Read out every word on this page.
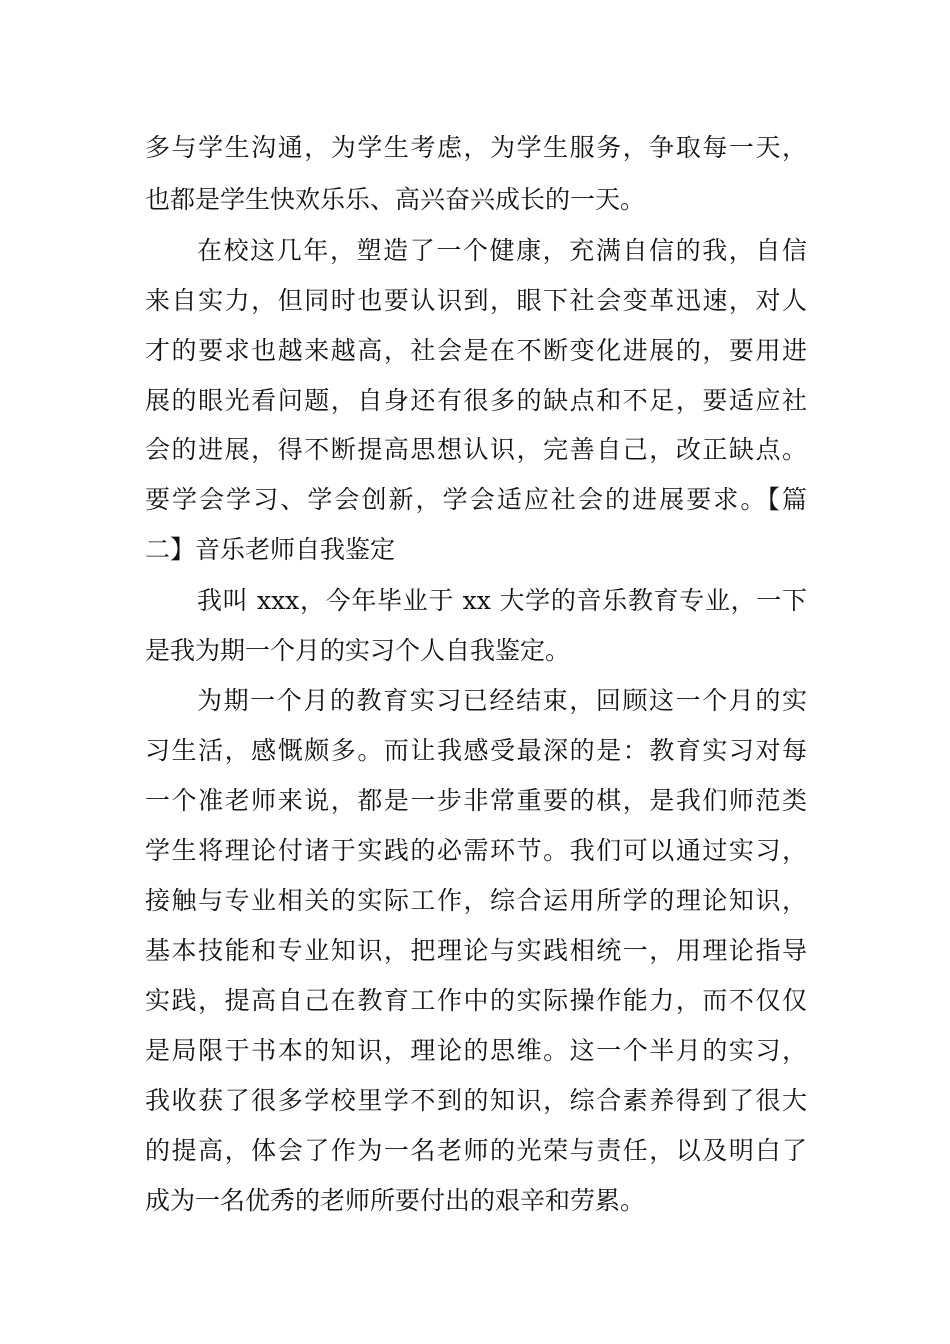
多与学生沟通，为学生考虑，为学生服务，争取每一天，
也都是学生快欢乐乐、高兴奋兴成长的一天。
在校这几年，塑造了一个健康，充满自信的我，自信
来自实力，但同时也要认识到，眼下社会变革迅速，对人
才的要求也越来越高，社会是在不断变化进展的，要用进
展的眼光看问题，自身还有很多的缺点和不足，要适应社
会的进展，得不断提高思想认识，完善自己，改正缺点。
要学会学习、学会创新，学会适应社会的进展要求。【篇
二】音乐老师自我鉴定
我叫 xxx，今年毕业于 xx 大学的音乐教育专业，一下
是我为期一个月的实习个人自我鉴定。
为期一个月的教育实习已经结束，回顾这一个月的实
习生活，感慨颇多。而让我感受最深的是：教育实习对每
一个准老师来说，都是一步非常重要的棋，是我们师范类
学生将理论付诸于实践的必需环节。我们可以通过实习，
接触与专业相关的实际工作，综合运用所学的理论知识，
基本技能和专业知识，把理论与实践相统一，用理论指导
实践，提高自己在教育工作中的实际操作能力，而不仅仅
是局限于书本的知识，理论的思维。这一个半月的实习，
我收获了很多学校里学不到的知识，综合素养得到了很大
的提高，体会了作为一名老师的光荣与责任，以及明白了
成为一名优秀的老师所要付出的艰辛和劳累。
